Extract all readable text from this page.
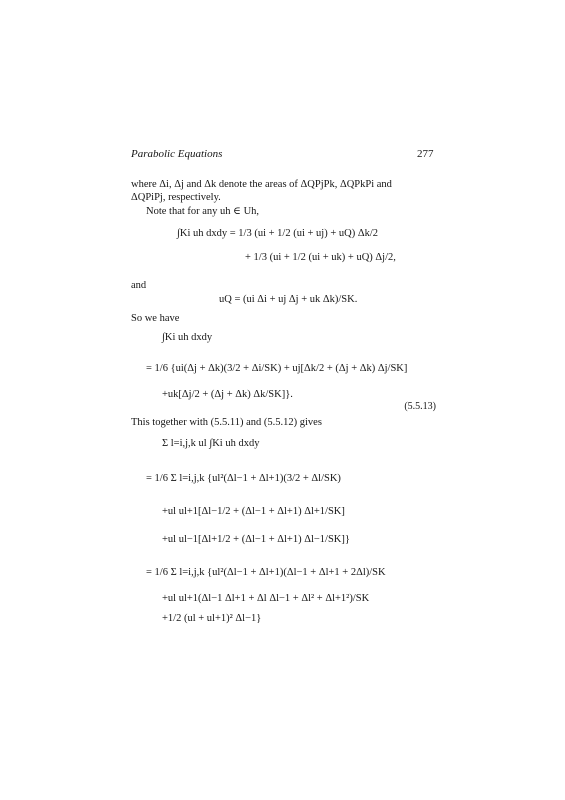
Parabolic Equations	277
where Δi, Δj and Δk denote the areas of ΔQPjPk, ΔQPkPi and
ΔQPiPj, respectively.
Note that for any uh ∈ Uh,
∫Ki uh dxdy = 1/3 (ui + 1/2 (ui + uj) + uQ) Δk/2
+ 1/3 (ui + 1/2 (ui + uk) + uQ) Δj/2,
and
uQ = (ui Δi + uj Δj + uk Δk)/SK.
So we have
∫Ki uh dxdy
= 1/6 {ui(Δj + Δk)(3/2 + Δi/SK) + uj[Δk/2 + (Δj + Δk) Δj/SK]
+uk[Δj/2 + (Δj + Δk) Δk/SK]}.
(5.5.13)
This together with (5.5.11) and (5.5.12) gives
Σ l=i,j,k ul ∫Ki uh dxdy
= 1/6 Σ l=i,j,k {ul²(Δl−1 + Δl+1)(3/2 + Δl/SK)
+ul ul+1[Δl−1/2 + (Δl−1 + Δl+1) Δl+1/SK]
+ul ul−1[Δl+1/2 + (Δl−1 + Δl+1) Δl−1/SK]}
= 1/6 Σ l=i,j,k {ul²(Δl−1 + Δl+1)(Δl−1 + Δl+1 + 2Δl)/SK
+ul ul+1(Δl−1 Δl+1 + Δl Δl−1 + Δl² + Δl+1²)/SK
+1/2 (ul + ul+1)² Δl−1}
